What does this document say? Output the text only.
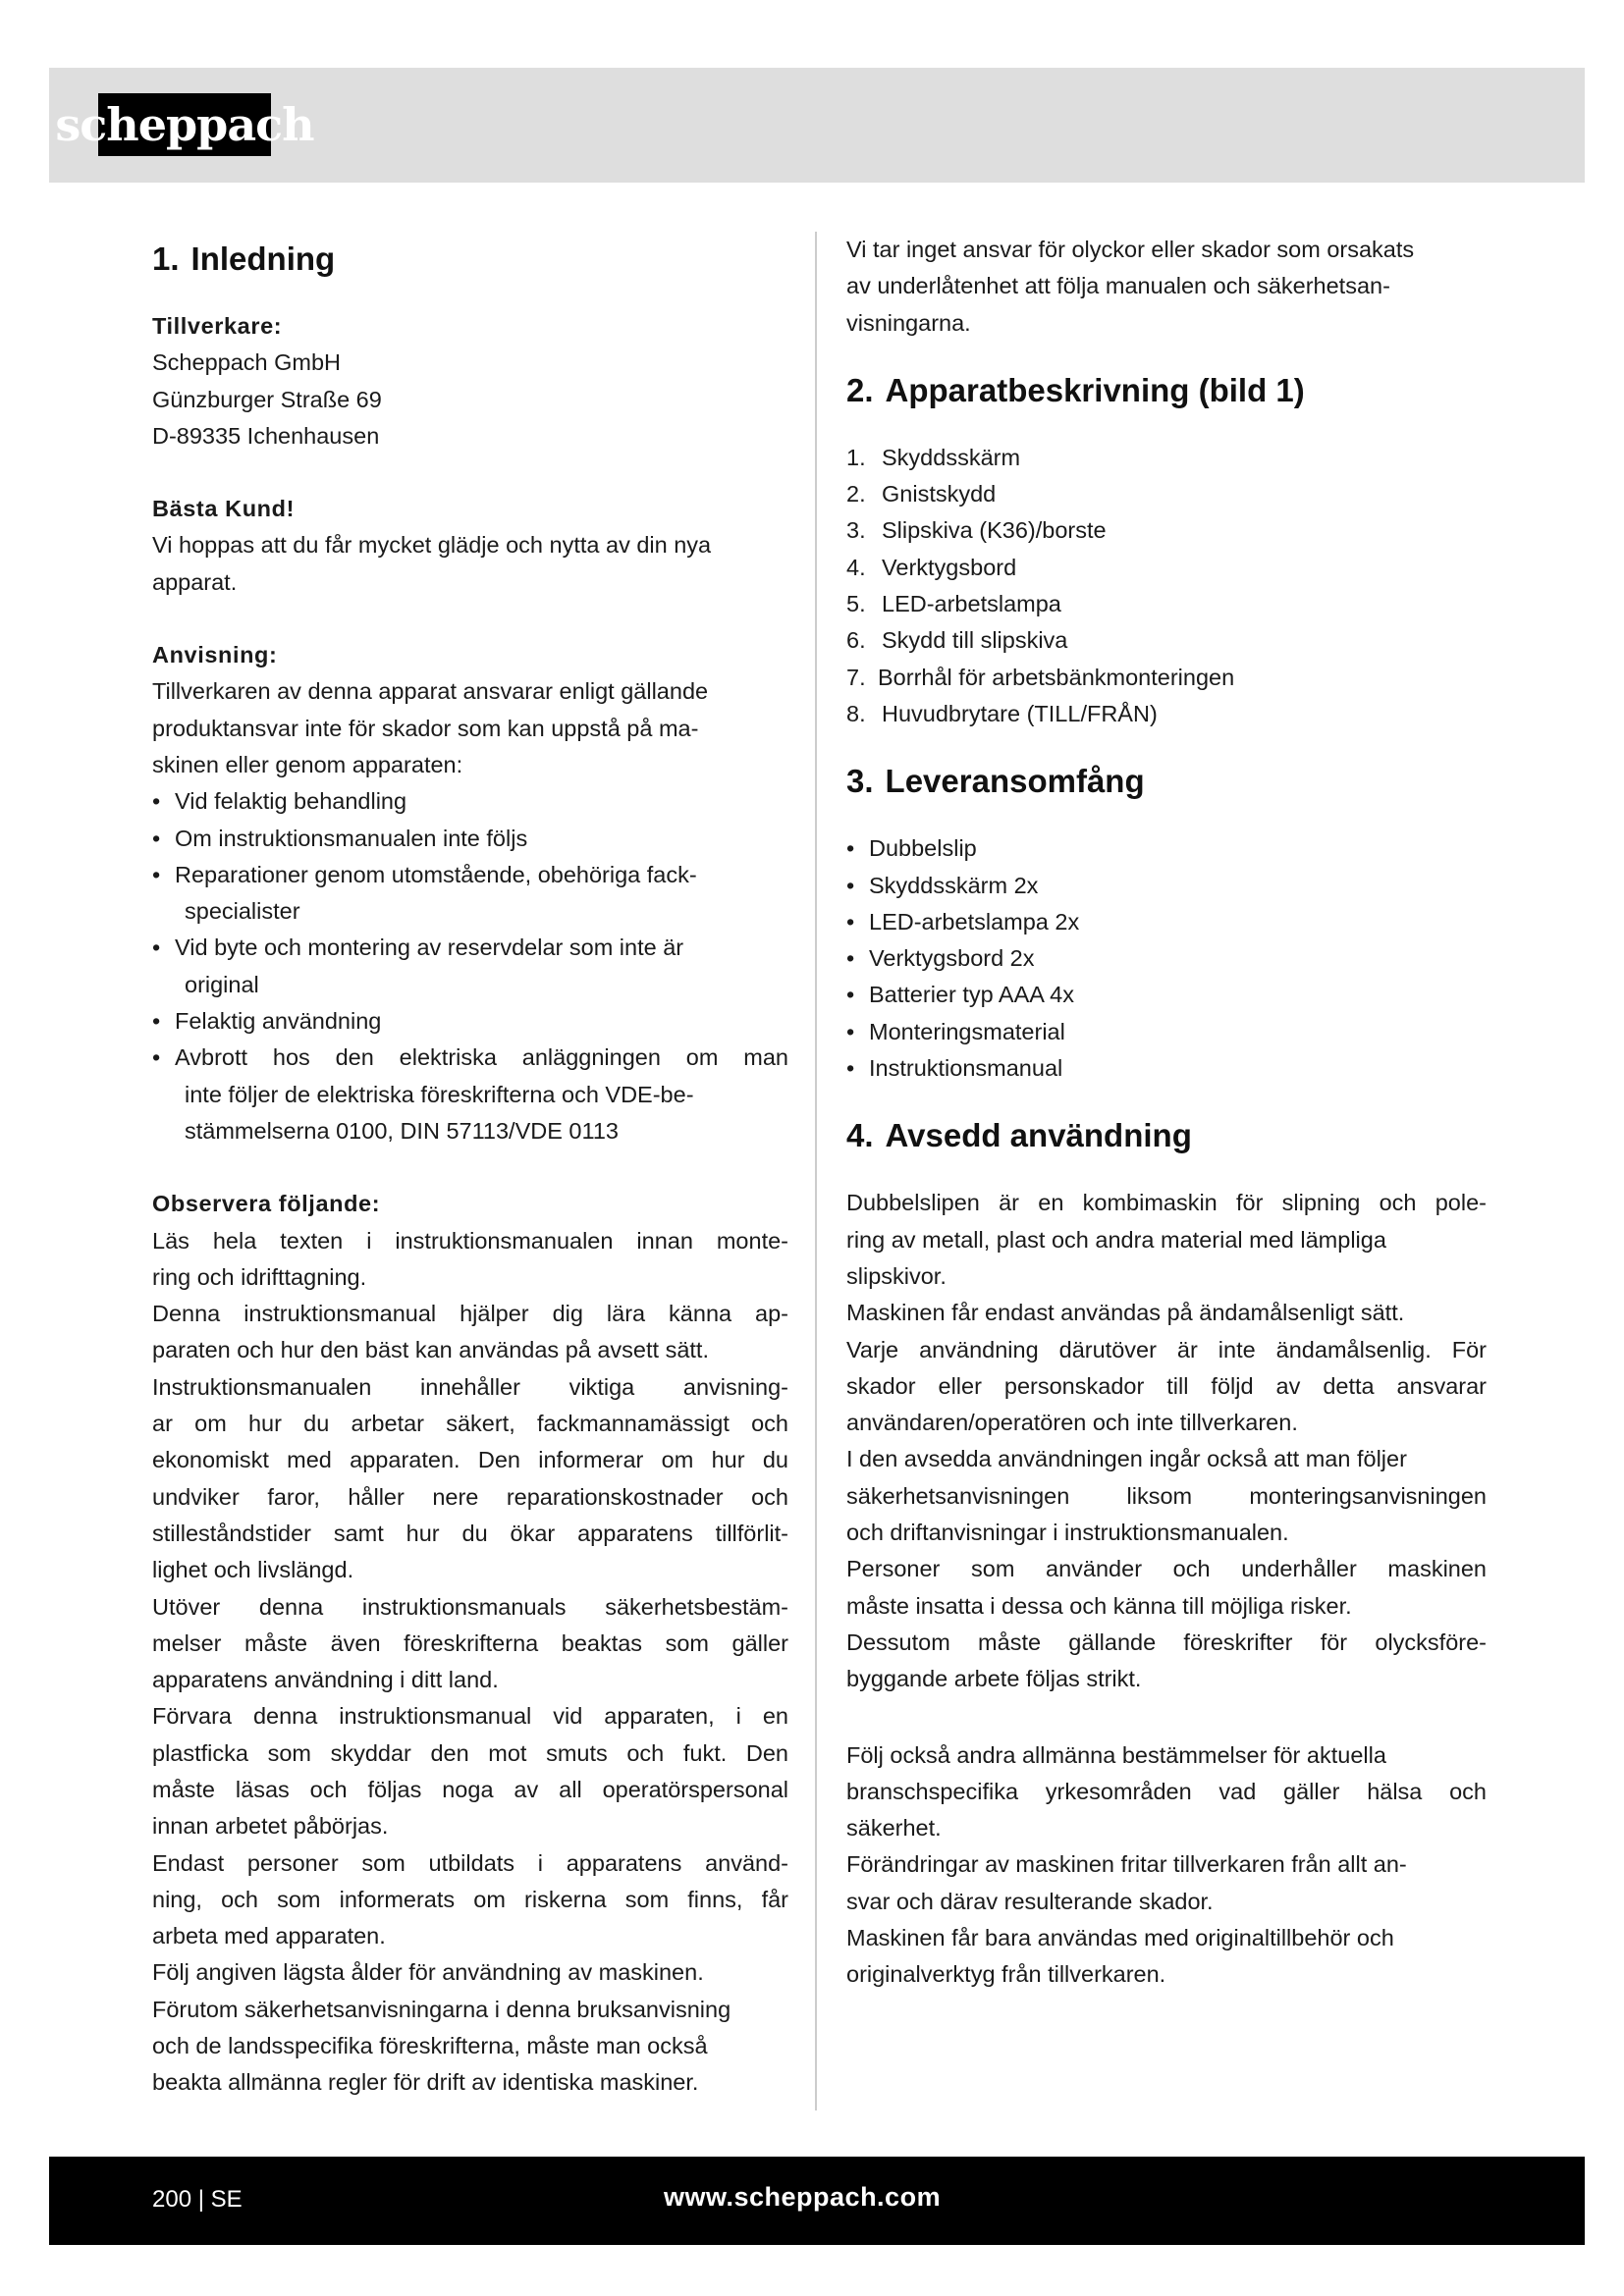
scheppach
1. Inledning
Tillverkare:
Scheppach GmbH
Günzburger Straße 69
D-89335 Ichenhausen
Bästa Kund!
Vi hoppas att du får mycket glädje och nytta av din nya
apparat.
Anvisning:
Tillverkaren av denna apparat ansvarar enligt gällande
produktansvar inte för skador som kan uppstå på ma-
skinen eller genom apparaten:
• Vid felaktig behandling
• Om instruktionsmanualen inte följs
• Reparationer genom utomstående, obehöriga fack-
specialister
• Vid byte och montering av reservdelar som inte är
original
• Felaktig användning
• Avbrott hos den elektriska anläggningen om man
inte följer de elektriska föreskrifterna och VDE-be-
stämmelserna 0100, DIN 57113/VDE 0113
Observera följande:
Läs hela texten i instruktionsmanualen innan monte-
ring och idrifttagning.
Denna instruktionsmanual hjälper dig lära känna ap-
paraten och hur den bäst kan användas på avsett sätt.
Instruktionsmanualen innehåller viktiga anvisning-
ar om hur du arbetar säkert, fackmannamässigt och
ekonomiskt med apparaten. Den informerar om hur du
undviker faror, håller nere reparationskostnader och
stilleståndstider samt hur du ökar apparatens tillförlit-
lighet och livslängd.
Utöver denna instruktionsmanuals säkerhetsbestäm-
melser måste även föreskrifterna beaktas som gäller
apparatens användning i ditt land.
Förvara denna instruktionsmanual vid apparaten, i en
plastficka som skyddar den mot smuts och fukt. Den
måste läsas och följas noga av all operatörspersonal
innan arbetet påbörjas.
Endast personer som utbildats i apparatens använd-
ning, och som informerats om riskerna som finns, får
arbeta med apparaten.
Följ angiven lägsta ålder för användning av maskinen.
Förutom säkerhetsanvisningarna i denna bruksanvisning
och de landsspecifika föreskrifterna, måste man också
beakta allmänna regler för drift av identiska maskiner.
Vi tar inget ansvar för olyckor eller skador som orsakats
av underlåtenhet att följa manualen och säkerhetsan-
visningarna.
2. Apparatbeskrivning (bild 1)
1. Skyddsskärm
2. Gnistskydd
3. Slipskiva (K36)/borste
4. Verktygsbord
5. LED-arbetslampa
6. Skydd till slipskiva
7. Borrhål för arbetsbänkmonteringen
8. Huvudbrytare (TILL/FRÅN)
3. Leveransomfång
• Dubbelslip
• Skyddsskärm 2x
• LED-arbetslampa 2x
• Verktygsbord 2x
• Batterier typ AAA 4x
• Monteringsmaterial
• Instruktionsmanual
4. Avsedd användning
Dubbelslipen är en kombimaskin för slipning och pole-
ring av metall, plast och andra material med lämpliga
slipskivor.
Maskinen får endast användas på ändamålsenligt sätt.
Varje användning därutöver är inte ändamålsenlig. För
skador eller personskador till följd av detta ansvarar
användaren/operatören och inte tillverkaren.
I den avsedda användningen ingår också att man följer
säkerhetsanvisningen liksom monteringsanvisningen
och driftanvisningar i instruktionsmanualen.
Personer som använder och underhåller maskinen
måste insatta i dessa och känna till möjliga risker.
Dessutom måste gällande föreskrifter för olycksföre-
byggande arbete följas strikt.
Följ också andra allmänna bestämmelser för aktuella
branschspecifika yrkesområden vad gäller hälsa och
säkerhet.
Förändringar av maskinen fritar tillverkaren från allt an-
svar och därav resulterande skador.
Maskinen får bara användas med originaltillbehör och
originalverktyg från tillverkaren.
200 | SE	www.scheppach.com
